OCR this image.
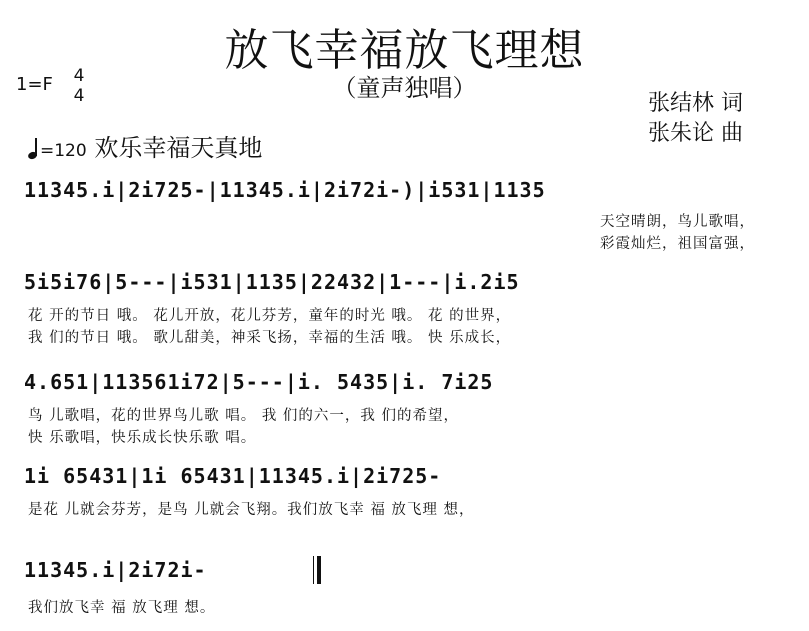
放飞幸福放飞理想
（童声独唱）
1=F 4
4	张结林 词
张朱论 曲
=120 欢乐幸福天真地
11345.i|2i725-|11345.i|2i72i-)|i531|1135
天空晴朗，鸟儿歌唱，
彩霞灿烂，祖国富强，
5i5i76|5---|i531|1135|22432|1---|i.2i5
花 开的节日 哦。 花儿开放，花儿芬芳，童年的时光 哦。 花 的世界，
我 们的节日 哦。 歌儿甜美，神采飞扬，幸福的生活 哦。 快 乐成长，
4.651|113561i72|5---|i. 5435|i. 7i25
鸟 儿歌唱，花的世界鸟儿歌 唱。 我 们的六一，我 们的希望，
快 乐歌唱，快乐成长快乐歌 唱。
1i 65431|1i 65431|11345.i|2i725-
是花 儿就会芬芳，是鸟 儿就会飞翔。我们放飞幸 福 放飞理 想，
11345.i|2i72i-
我们放飞幸 福 放飞理 想。
